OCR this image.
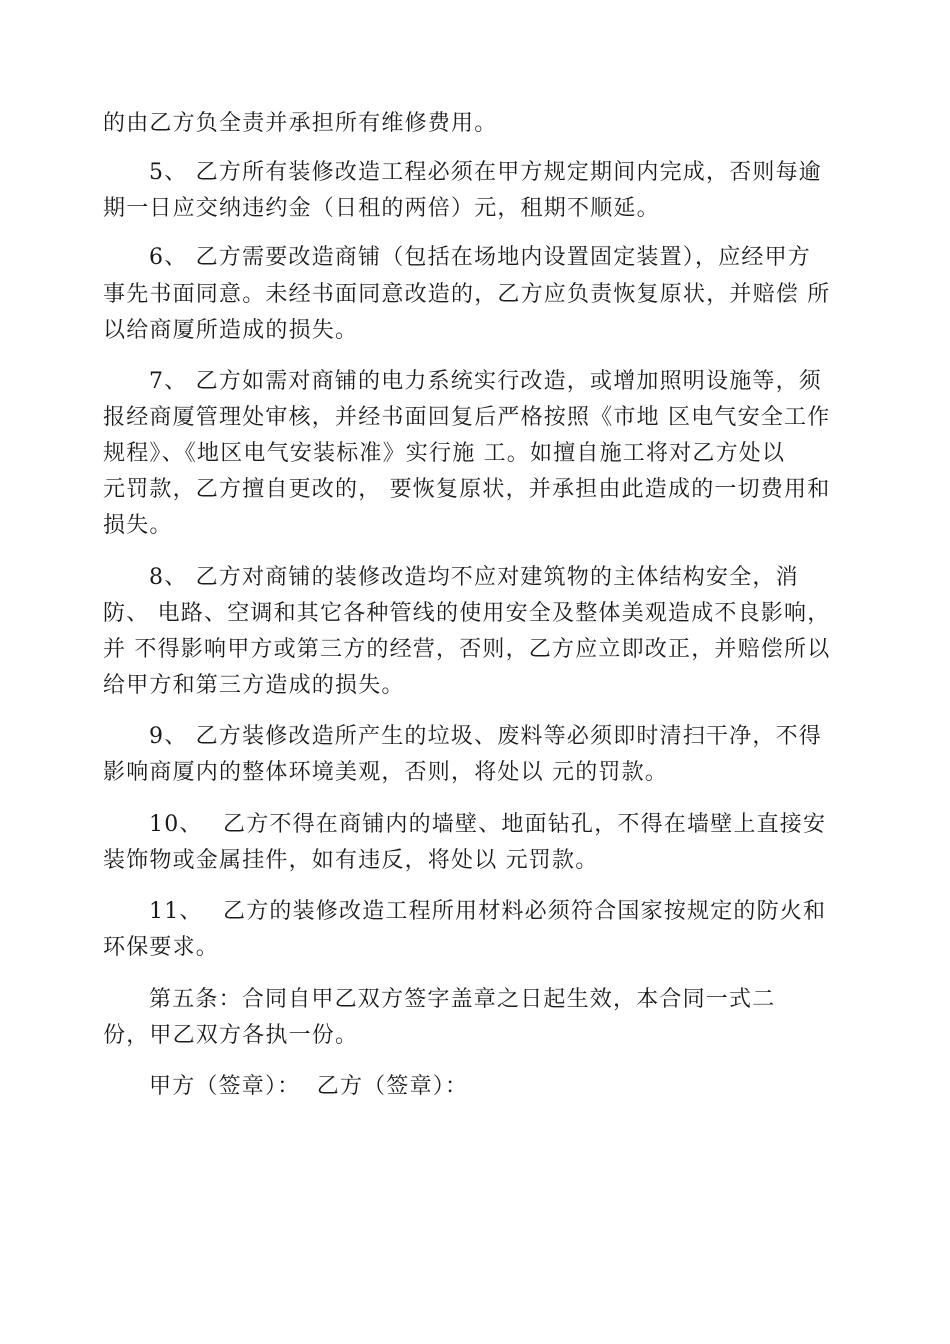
的由乙方负全责并承担所有维修费用。
5、 乙方所有装修改造工程必须在甲方规定期间内完成，否则每逾
期一日应交纳违约金（日租的两倍）元，租期不顺延。
6、 乙方需要改造商铺（包括在场地内设置固定装置），应经甲方
事先书面同意。未经书面同意改造的，乙方应负责恢复原状，并赔偿 所
以给商厦所造成的损失。
7、 乙方如需对商铺的电力系统实行改造，或增加照明设施等，须
报经商厦管理处审核，并经书面回复后严格按照《市地 区电气安全工作
规程》、《地区电气安装标准》实行施 工。如擅自施工将对乙方处以
元罚款，乙方擅自更改的， 要恢复原状，并承担由此造成的一切费用和
损失。
8、 乙方对商铺的装修改造均不应对建筑物的主体结构安全，消
防、 电路、空调和其它各种管线的使用安全及整体美观造成不良影响，
并 不得影响甲方或第三方的经营，否则，乙方应立即改正，并赔偿所以
给甲方和第三方造成的损失。
9、 乙方装修改造所产生的垃圾、废料等必须即时清扫干净，不得
影响商厦内的整体环境美观，否则，将处以 元的罚款。
10、　 乙方不得在商铺内的墙壁、地面钻孔，不得在墙壁上直接安
装饰物或金属挂件，如有违反，将处以 元罚款。
11、　 乙方的装修改造工程所用材料必须符合国家按规定的防火和
环保要求。
第五条：合同自甲乙双方签字盖章之日起生效，本合同一式二
份，甲乙双方各执一份。
甲方（签章）：  乙方（签章）：
